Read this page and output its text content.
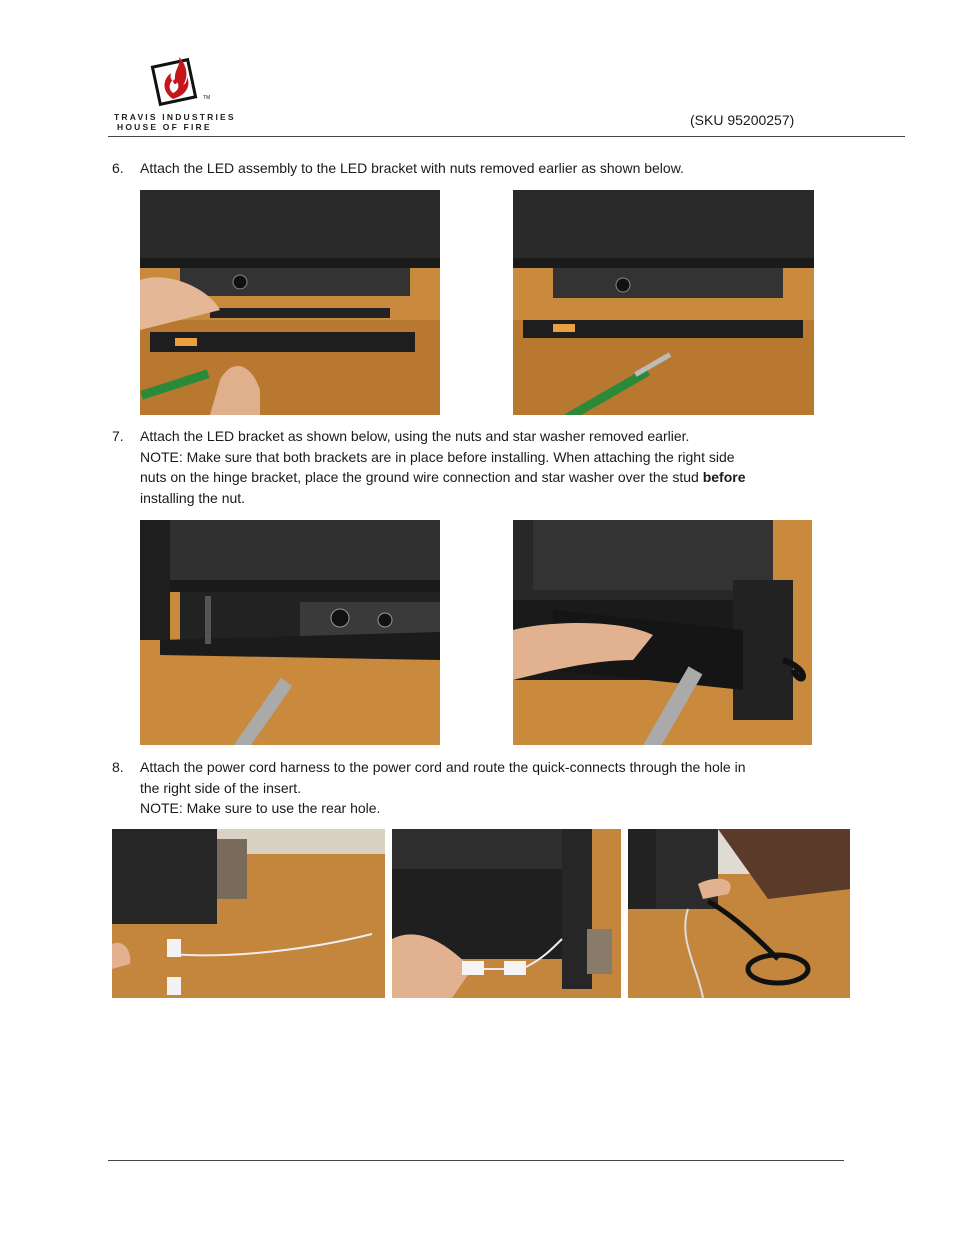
TRAVIS INDUSTRIES
HOUSE OF FIRE
TM
(SKU 95200257)
6. Attach the LED assembly to the LED bracket with nuts removed earlier as shown below.
7. Attach the LED bracket as shown below, using the nuts and star washer removed earlier.
NOTE: Make sure that both brackets are in place before installing. When attaching the right side
nuts on the hinge bracket, place the ground wire connection and star washer over the stud before
installing the nut.
8. Attach the power cord harness to the power cord and route the quick-connects through the hole in
the right side of the insert.
NOTE: Make sure to use the rear hole.
